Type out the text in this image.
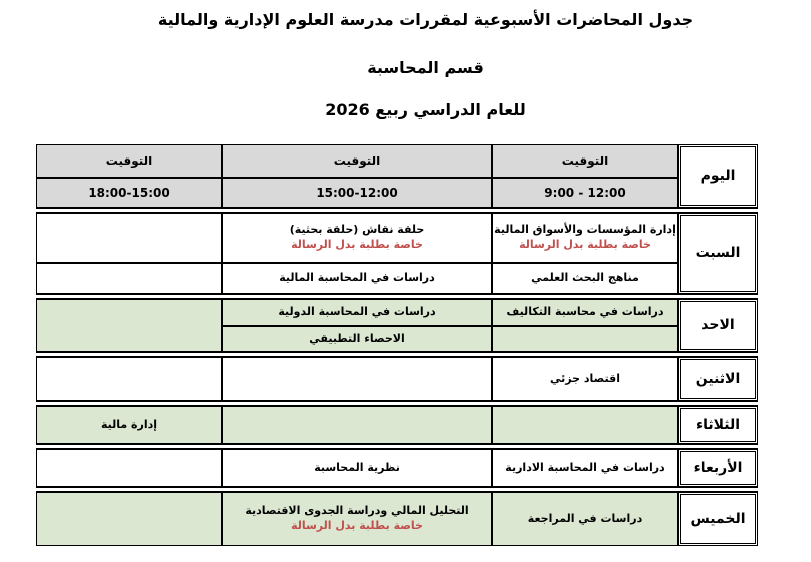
جدول المحاضرات الأسبوعية لمقررات مدرسة العلوم الإدارية والمالية
قسم المحاسبة
للعام الدراسي ربيع 2026
اليوم
التوقيت
التوقيت
التوقيت
12:00 - 9:00
15:00-12:00
18:00-15:00
السبت
إدارة المؤسسات والأسواق المالية
خاصة بطلبة بدل الرسالة
حلقة نقاش (حلقة بحثية)
خاصة بطلبة بدل الرسالة
مناهج البحث العلمي
دراسات في المحاسبة المالية
الاحد
دراسات في محاسبة التكاليف
دراسات في المحاسبة الدولية
الاحصاء التطبيقي
الاثنين
اقتصاد جزئي
الثلاثاء
إدارة مالية
الأربعاء
دراسات في المحاسبة الادارية
نظرية المحاسبة
الخميس
دراسات في المراجعة
التحليل المالي ودراسة الجدوى الاقتصادية
خاصة بطلبة بدل الرسالة
